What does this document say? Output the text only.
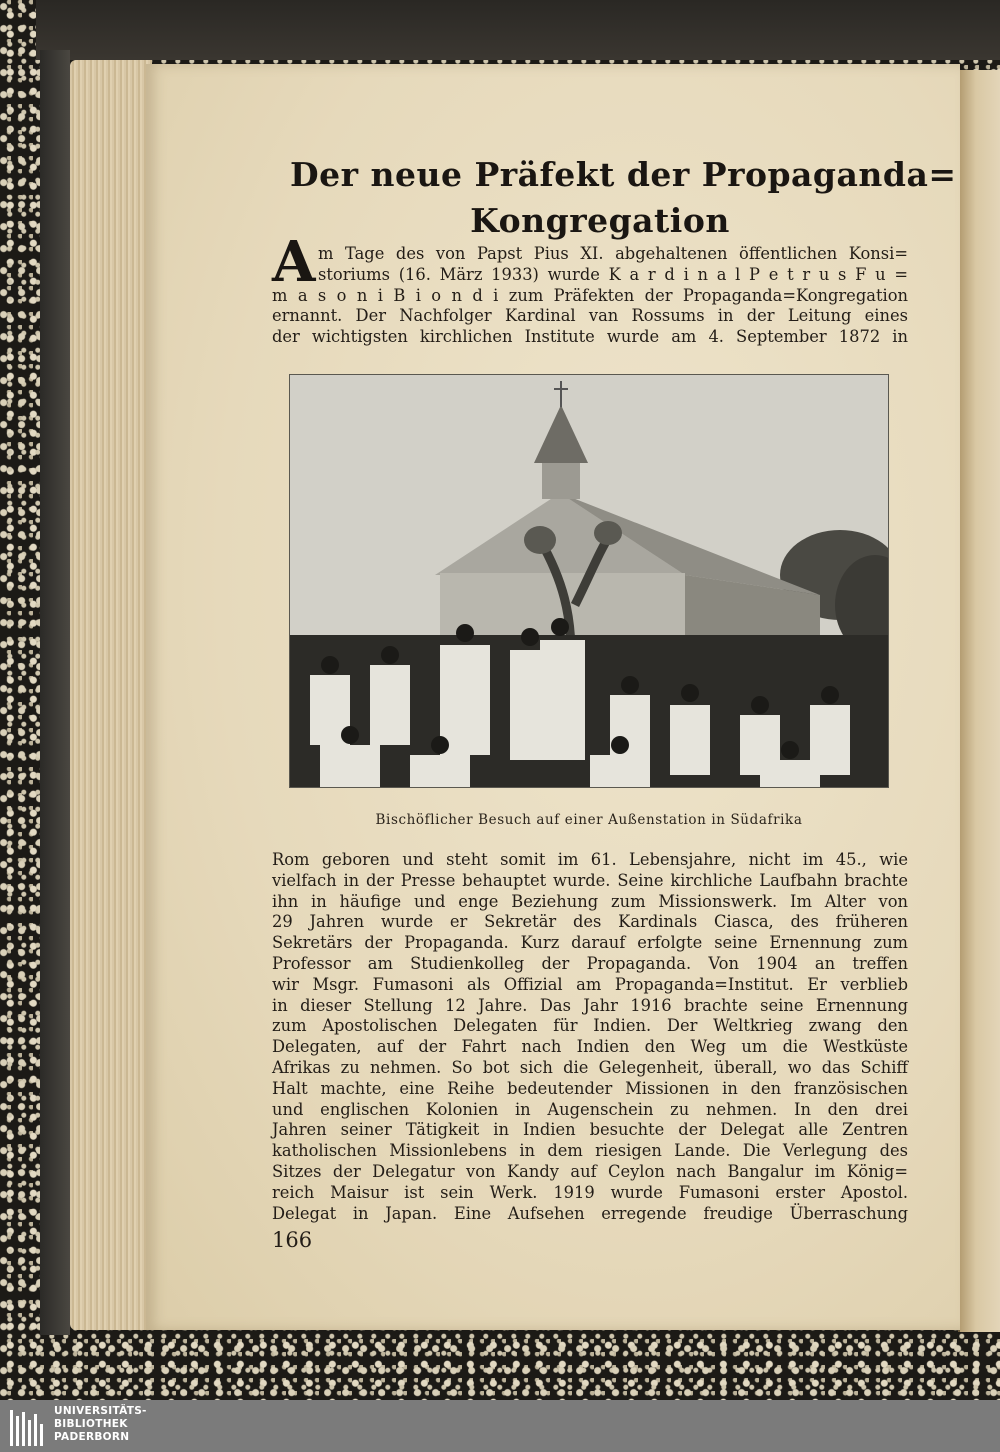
Der neue Präfekt der Propaganda=
Kongregation
A m Tage des von Papst Pius XI. abgehaltenen öffentlichen Konsi=
storiums (16. März 1933) wurde K a r d i n a l P e t r u s F u =
m a s o n i B i o n d i zum Präfekten der Propaganda=Kongregation
ernannt. Der Nachfolger Kardinal van Rossums in der Leitung eines
der wichtigsten kirchlichen Institute wurde am 4. September 1872 in
Bischöflicher Besuch auf einer Außenstation in Südafrika
Rom geboren und steht somit im 61. Lebensjahre, nicht im 45., wie
vielfach in der Presse behauptet wurde. Seine kirchliche Laufbahn brachte
ihn in häufige und enge Beziehung zum Missionswerk. Im Alter von
29 Jahren wurde er Sekretär des Kardinals Ciasca, des früheren
Sekretärs der Propaganda. Kurz darauf erfolgte seine Ernennung zum
Professor am Studienkolleg der Propaganda. Von 1904 an treffen
wir Msgr. Fumasoni als Offizial am Propaganda=Institut. Er verblieb
in dieser Stellung 12 Jahre. Das Jahr 1916 brachte seine Ernennung
zum Apostolischen Delegaten für Indien. Der Weltkrieg zwang den
Delegaten, auf der Fahrt nach Indien den Weg um die Westküste
Afrikas zu nehmen. So bot sich die Gelegenheit, überall, wo das Schiff
Halt machte, eine Reihe bedeutender Missionen in den französischen
und englischen Kolonien in Augenschein zu nehmen. In den drei
Jahren seiner Tätigkeit in Indien besuchte der Delegat alle Zentren
katholischen Missionlebens in dem riesigen Lande. Die Verlegung des
Sitzes der Delegatur von Kandy auf Ceylon nach Bangalur im König=
reich Maisur ist sein Werk. 1919 wurde Fumasoni erster Apostol.
Delegat in Japan. Eine Aufsehen erregende freudige Überraschung
166
UNIVERSITÄTS-
BIBLIOTHEK
PADERBORN
